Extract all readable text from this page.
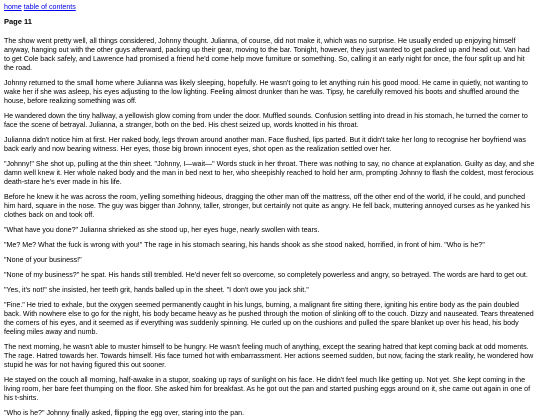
home table of contents
Page 11

The show went pretty well, all things considered, Johnny thought. Julianna, of course, did not make it, which was no surprise. He usually ended up enjoying himself anyway, hanging out with the other guys afterward, packing up their gear, moving to the bar. Tonight, however, they just wanted to get packed up and head out. Van had to get Cole back safely, and Lawrence had promised a friend he'd come help move furniture or something. So, calling it an early night for once, the four split up and hit the road.

Johnny returned to the small home where Julianna was likely sleeping, hopefully. He wasn't going to let anything ruin his good mood. He came in quietly, not wanting to wake her if she was asleep, his eyes adjusting to the low lighting. Feeling almost drunker than he was. Tipsy, he carefully removed his boots and shuffled around the house, before realizing something was off.

He wandered down the tiny hallway, a yellowish glow coming from under the door. Muffled sounds. Confusion settling into dread in his stomach, he turned the corner to face the scene of betrayal. Julianna, a stranger, both on the bed. His chest seized up, words knotted in his throat.

Julianna didn't notice him at first. Her naked body, legs thrown around another man. Face flushed, lips parted. But it didn't take her long to recognise her boyfriend was back early and now bearing witness. Her eyes, those big brown innocent eyes, shot open as the realization settled over her.

"Johnny!" She shot up, pulling at the thin sheet. "Johnny, I—wait—" Words stuck in her throat. There was nothing to say, no chance at explanation. Guilty as day, and she damn well knew it. Her whole naked body and the man in bed next to her, who sheepishly reached to hold her arm, prompting Johnny to flash the coldest, most ferocious death-stare he's ever made in his life.

Before he knew it he was across the room, yelling something hideous, dragging the other man off the mattress, off the other end of the world, if he could, and punched him hard, square in the nose. The guy was bigger than Johnny, taller, stronger, but certainly not quite as angry. He fell back, muttering annoyed curses as he yanked his clothes back on and took off.

"What have you done?" Julianna shrieked as she stood up, her eyes huge, nearly swollen with tears.

"Me? Me? What the fuck is wrong with you!" The rage in his stomach searing, his hands shook as she stood naked, horrified, in front of him. "Who is he?"

"None of your business!"

"None of my business?" he spat. His hands still trembled. He'd never felt so overcome, so completely powerless and angry, so betrayed. The words are hard to get out.

"Yes, it's not!" she insisted, her teeth grit, hands balled up in the sheet. "I don't owe you jack shit."

"Fine." He tried to exhale, but the oxygen seemed permanently caught in his lungs, burning, a malignant fire sitting there, igniting his entire body as the pain doubled back. With nowhere else to go for the night, his body became heavy as he pushed through the motion of slinking off to the couch. Dizzy and nauseated. Tears threatened the corners of his eyes, and it seemed as if everything was suddenly spinning. He curled up on the cushions and pulled the spare blanket up over his head, his body feeling miles away and numb.

The next morning, he wasn't able to muster himself to be hungry. He wasn't feeling much of anything, except the searing hatred that kept coming back at odd moments. The rage. Hatred towards her. Towards himself. His face turned hot with embarrassment. Her actions seemed sudden, but now, facing the stark reality, he wondered how stupid he was for not having figured this out sooner.

He stayed on the couch all morning, half-awake in a stupor, soaking up rays of sunlight on his face. He didn't feel much like getting up. Not yet. She kept coming in the living room, her bare feet thumping on the floor. She asked him for breakfast. As he got out the pan and started pushing eggs around on it, she came out again in one of his t-shirts.

"Who is he?" Johnny finally asked, flipping the egg over, staring into the pan.
